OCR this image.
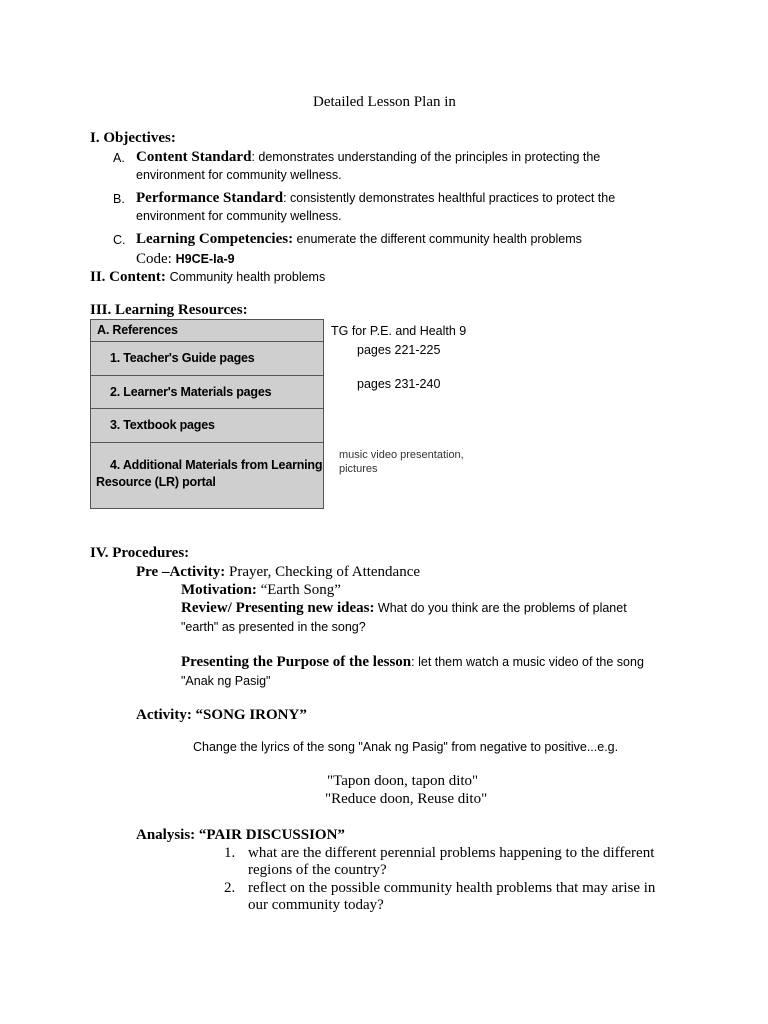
Detailed Lesson Plan in
I. Objectives:
A. Content Standard: demonstrates understanding of the principles in protecting the
environment for community wellness.
B. Performance Standard: consistently demonstrates healthful practices to protect the
environment for community wellness.
C. Learning Competencies: enumerate the different community health problems
Code: H9CE-Ia-9
II. Content: Community health problems
III. Learning Resources:
A. References
1. Teacher's Guide pages
2. Learner's Materials pages
3. Textbook pages
4. Additional Materials from Learning
Resource (LR) portal
TG for P.E. and Health 9
pages 221-225
pages 231-240
music video presentation,
pictures
IV. Procedures:
Pre –Activity: Prayer, Checking of Attendance
Motivation: “Earth Song”
Review/ Presenting new ideas: What do you think are the problems of planet
"earth" as presented in the song?
Presenting the Purpose of the lesson: let them watch a music video of the song
"Anak ng Pasig"
Activity: “SONG IRONY”
Change the lyrics of the song "Anak ng Pasig" from negative to positive...e.g.
"Tapon doon, tapon dito"
"Reduce doon, Reuse dito"
Analysis: “PAIR DISCUSSION”
1. what are the different perennial problems happening to the different
regions of the country?
2. reflect on the possible community health problems that may arise in
our community today?
